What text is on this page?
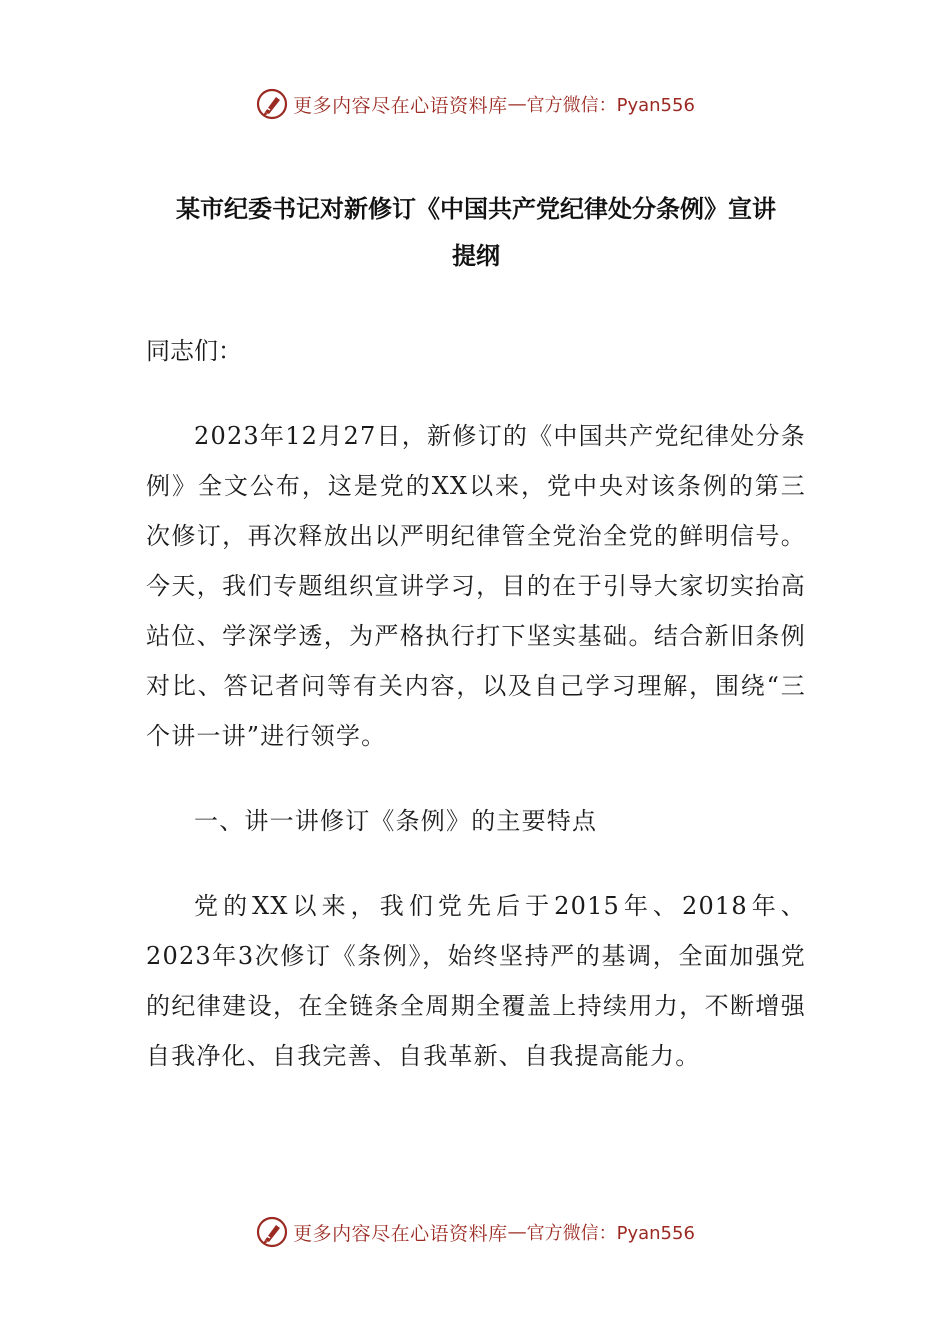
更多内容尽在心语资料库 — 官方微信：Pyan556
某市纪委书记对新修订《中国共产党纪律处分条例》宣讲
提纲
同志们：

2023年12月27日，新修订的《中国共产党纪律处分条例》全文公布，这是党的XX以来，党中央对该条例的第三次修订，再次释放出以严明纪律管全党治全党的鲜明信号。今天，我们专题组织宣讲学习，目的在于引导大家切实抬高站位、学深学透，为严格执行打下坚实基础。结合新旧条例对比、答记者问等有关内容，以及自己学习理解，围绕“三个讲一讲”进行领学。

一、讲一讲修订《条例》的主要特点

党的XX以来，我们党先后于2015年、2018年、2023年3次修订《条例》，始终坚持严的基调，全面加强党的纪律建设，在全链条全周期全覆盖上持续用力，不断增强自我净化、自我完善、自我革新、自我提高能力。

更多内容尽在心语资料库 — 官方微信：Pyan556
